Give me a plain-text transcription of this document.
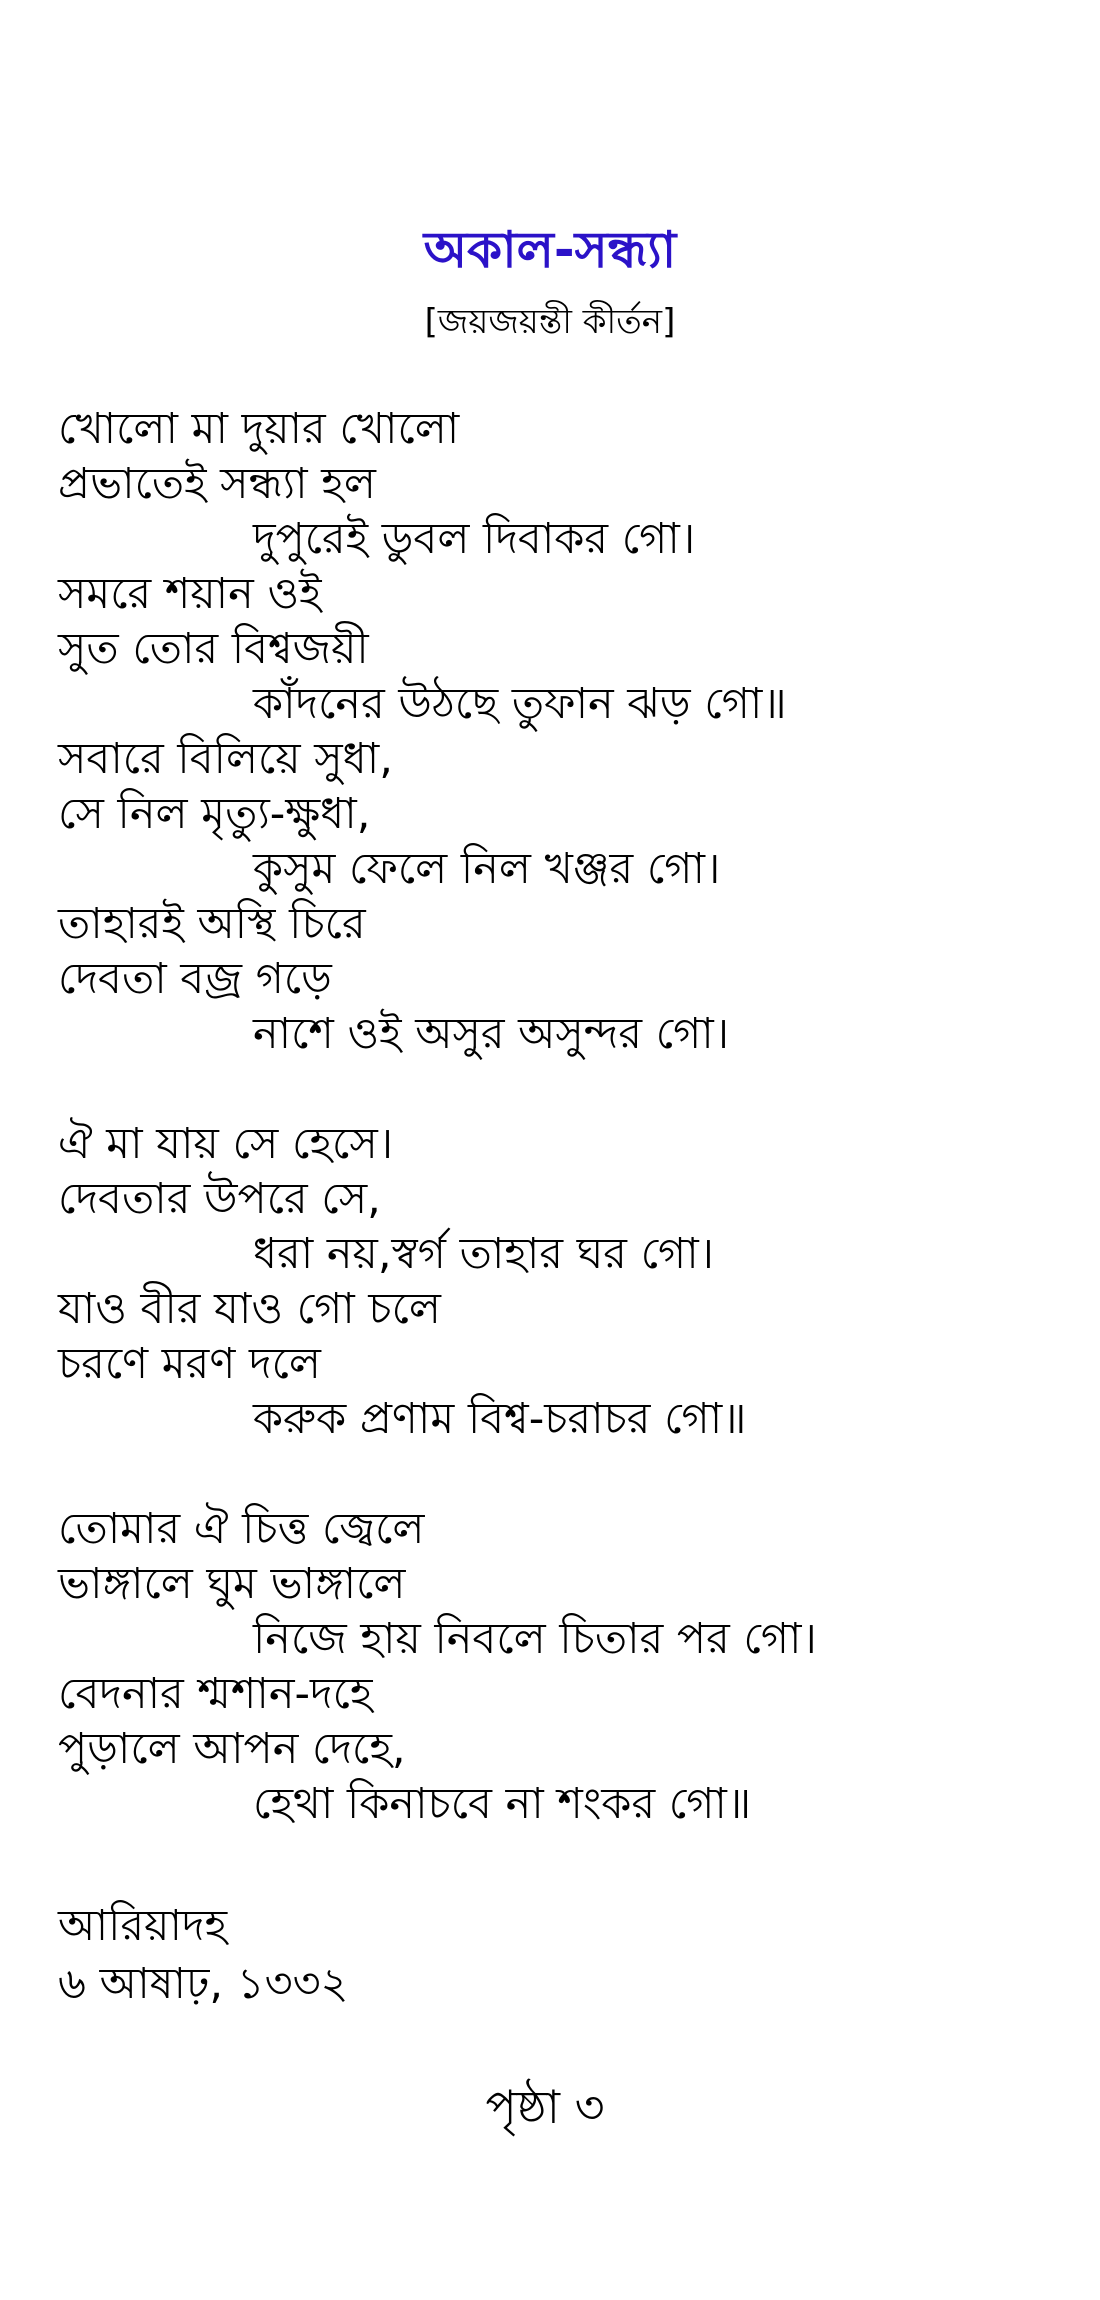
অকাল-সন্ধ্যা

[জয়জয়ন্তী কীর্তন]

খোলো মা দুয়ার খোলো
প্রভাতেই সন্ধ্যা হল
দুপুরেই ডুবল দিবাকর গো।
সমরে শয়ান ওই
সুত তোর বিশ্বজয়ী
কাঁদনের উঠছে তুফান ঝড় গো॥
সবারে বিলিয়ে সুধা,
সে নিল মৃত্যু-ক্ষুধা,
কুসুম ফেলে নিল খঞ্জর গো।
তাহারই অস্থি চিরে
দেবতা বজ্র গড়ে
নাশে ওই অসুর অসুন্দর গো।
ঐ মা যায় সে হেসে।
দেবতার উপরে সে,
ধরা নয়,স্বর্গ তাহার ঘর গো।
যাও বীর যাও গো চলে
চরণে মরণ দলে
করুক প্রণাম বিশ্ব-চরাচর গো॥
তোমার ঐ চিত্ত জ্বেলে
ভাঙ্গালে ঘুম ভাঙ্গালে
নিজে হায় নিবলে চিতার পর গো।
বেদনার শ্মশান-দহে
পুড়ালে আপন দেহে,
হেথা কিনাচবে না শংকর গো॥
আরিয়াদহ
৬ আষাঢ়, ১৩৩২
পৃষ্ঠা ৩
